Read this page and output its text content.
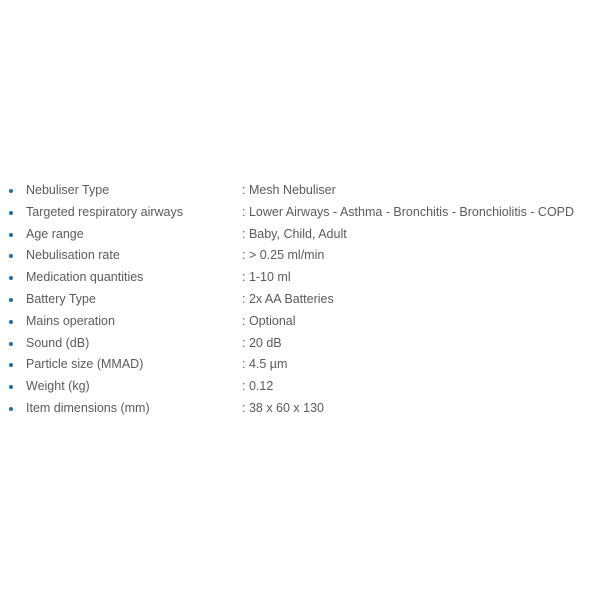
Nebuliser Type	: Mesh Nebuliser
Targeted respiratory airways	: Lower Airways - Asthma - Bronchitis - Bronchiolitis - COPD
Age range	: Baby, Child, Adult
Nebulisation rate	: > 0.25 ml/min
Medication quantities	: 1-10 ml
Battery Type	: 2x AA Batteries
Mains operation	: Optional
Sound (dB)	: 20 dB
Particle size (MMAD)	: 4.5 µm
Weight (kg)	: 0.12
Item dimensions (mm)	: 38 x 60 x 130
